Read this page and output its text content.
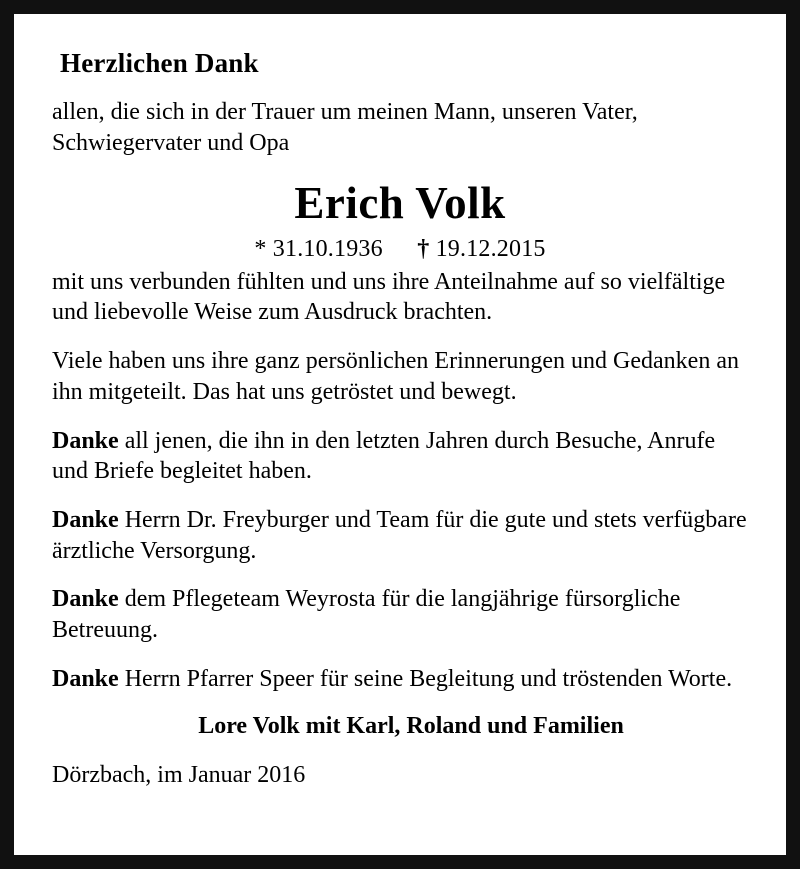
Herzlichen Dank

allen, die sich in der Trauer um meinen Mann, unseren Vater, Schwiegervater und Opa

Erich Volk
* 31.10.1936 † 19.12.2015

mit uns verbunden fühlten und uns ihre Anteilnahme auf so vielfältige und liebevolle Weise zum Ausdruck brachten.

Viele haben uns ihre ganz persönlichen Erinnerungen und Gedanken an ihn mitgeteilt. Das hat uns getröstet und bewegt.

Danke all jenen, die ihn in den letzten Jahren durch Besuche, Anrufe und Briefe begleitet haben.

Danke Herrn Dr. Freyburger und Team für die gute und stets verfügbare ärztliche Versorgung.

Danke dem Pflegeteam Weyrosta für die langjährige fürsorgliche Betreuung.

Danke Herrn Pfarrer Speer für seine Begleitung und tröstenden Worte.

Lore Volk mit Karl, Roland und Familien
Dörzbach, im Januar 2016
